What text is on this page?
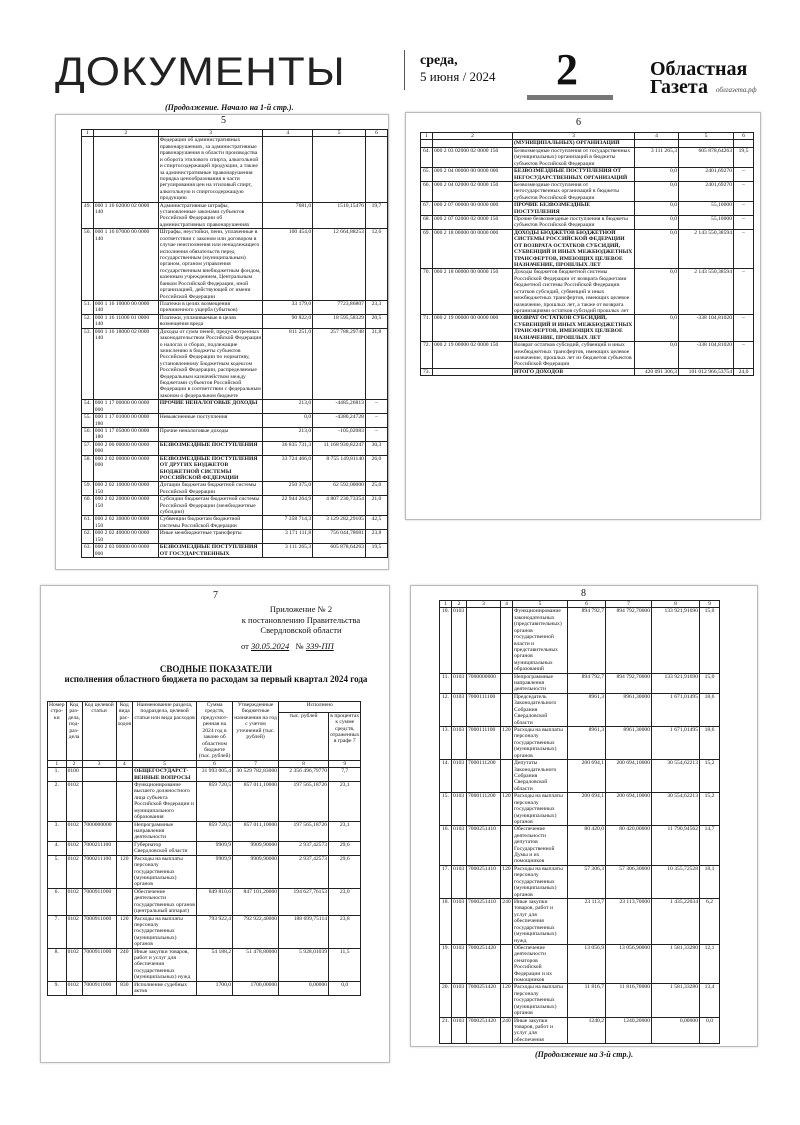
ДОКУМЕНТЫ	среда,
5 июня / 2024 2	Областная
Газета облгазета.рф
(Продолжение. Начало на 1-й стр.).
5
1	2	3	4	5	6
		Федерации об административных правонарушениях, за административные правонарушения в области производства и оборота этилового спирта, алкогольной и спиртосодержащей продукции, а также за административные правонарушения порядка ценообразования в части регулирования цен на этиловый спирт, алкогольную и спиртосодержащую продукцию			
49.	000 1 16 02000 02 0000 140	Административные штрафы, установленные законами субъектов Российской Федерации об административных правонарушениях	7681,0	1510,15476	19,7
50.	000 1 16 07000 00 0000 140	Штрафы, неустойки, пени, уплаченные в соответствии с законом или договором в случае неисполнения или ненадлежащего исполнения обязательств перед государственным (муниципальным) органом, органом управления государственным внебюджетным фондом, казенным учреждением, Центральным банком Российской Федерации, иной организацией, действующей от имени Российской Федерации	100 454,0	12 664,88253	12,6
51.	000 1 16 10000 00 0000 140	Платежи в целях возмещения причиненного ущерба (убытков)	33 179,0	7723,86807	23,3
52.	000 1 16 11000 01 0000 140	Платежи, уплачиваемые в целях возмещения вреда	90 822,0	18 595,58329	20,5
53.	000 1 16 18000 02 0000 140	Доходы от сумм пеней, предусмотренных законодательством Российской Федерации о налогах и сборах, подлежащие зачислению в бюджеты субъектов Российской Федерации по нормативу, установленному Бюджетным кодексом Российской Федерации, распределяемые Федеральным казначейством между бюджетами субъектов Российской Федерации в соответствии с федеральным законом о федеральном бюджете	811 251,0	257 788,29748	31,8
54.	000 1 17 00000 00 0000 000	ПРОЧИЕ НЕНАЛОГОВЫЕ ДОХОДЫ	213,0	-4485,26813	–
55.	000 1 17 01000 00 0000 180	Невыясненные поступления	0,0	-4380,24728	–
56.	000 1 17 05000 00 0000 180	Прочие неналоговые доходы	213,0	-105,02083	–
57.	000 2 00 00000 00 0000 000	БЕЗВОЗМЕЗДНЫЕ ПОСТУПЛЕНИЯ	36 835 731,3	11 168 930,82247	30,3
58.	000 2 02 00000 00 0000 000	БЕЗВОЗМЕЗДНЫЕ ПОСТУПЛЕНИЯ ОТ ДРУГИХ БЮДЖЕТОВ БЮДЖЕТНОЙ СИСТЕМЫ РОССИЙСКОЙ ФЕДЕРАЦИИ	33 724 466,0	8 755 149,81140	26,0
59.	000 2 02 10000 00 0000 150	Дотации бюджетам бюджетной системы Российской Федерации	250 375,0	62 592,00000	25,0
60.	000 2 02 20000 00 0000 150	Субсидии бюджетам бюджетной системы Российской Федерации (межбюджетные субсидии)	22 944 264,9	4 807 230,73354	21,0
61.	000 2 02 30000 00 0000 150	Субвенции бюджетам бюджетной системы Российской Федерации	7 358 714,3	3 129 282,29105	42,5
62.	000 2 02 40000 00 0000 150	Иные межбюджетные трансферты	3 171 111,8	756 044,78681	23,8
63.	000 2 03 00000 00 0000 000	БЕЗВОЗМЕЗДНЫЕ ПОСТУПЛЕНИЯ ОТ ГОСУДАРСТВЕННЫХ	3 111 265,3	605 878,64263	19,5
6
1	2	3	4	5	6
		(МУНИЦИПАЛЬНЫХ) ОРГАНИЗАЦИЙ			
64.	000 2 03 02000 02 0000 150	Безвозмездные поступления от государственных (муниципальных) организаций в бюджеты субъектов Российской Федерации	3 111 265,3	605 878,64263	19,5
65.	000 2 04 00000 00 0000 000	БЕЗВОЗМЕЗДНЫЕ ПОСТУПЛЕНИЯ ОТ НЕГОСУДАРСТВЕННЫХ ОРГАНИЗАЦИЙ	0,0	2401,69270	–
66.	000 2 04 02000 02 0000 150	Безвозмездные поступления от негосударственных организаций в бюджеты субъектов Российской Федерации	0,0	2401,69270	–
67.	000 2 07 00000 00 0000 000	ПРОЧИЕ БЕЗВОЗМЕЗДНЫЕ ПОСТУПЛЕНИЯ	0,0	55,10000	–
68.	000 2 07 02000 02 0000 150	Прочие безвозмездные поступления в бюджеты субъектов Российской Федерации	0,0	55,10000	–
69.	000 2 18 00000 00 0000 000	ДОХОДЫ БЮДЖЕТОВ БЮДЖЕТНОЙ СИСТЕМЫ РОССИЙСКОЙ ФЕДЕРАЦИИ ОТ ВОЗВРАТА ОСТАТКОВ СУБСИДИЙ, СУБВЕНЦИЙ И ИНЫХ МЕЖБЮДЖЕТНЫХ ТРАНСФЕРТОВ, ИМЕЮЩИХ ЦЕЛЕВОЕ НАЗНАЧЕНИЕ, ПРОШЛЫХ ЛЕТ	0,0	2 143 550,38594	–
70.	000 2 18 00000 00 0000 150	Доходы бюджетов бюджетной системы Российской Федерации от возврата бюджетами бюджетной системы Российской Федерации остатков субсидий, субвенций и иных межбюджетных трансфертов, имеющих целевое назначение, прошлых лет, а также от возврата организациями остатков субсидий прошлых лет	0,0	2 143 550,38594	–
71.	000 2 19 00000 00 0000 000	ВОЗВРАТ ОСТАТКОВ СУБСИДИЙ, СУБВЕНЦИЙ И ИНЫХ МЕЖБЮДЖЕТНЫХ ТРАНСФЕРТОВ, ИМЕЮЩИХ ЦЕЛЕВОЕ НАЗНАЧЕНИЕ, ПРОШЛЫХ ЛЕТ	0,0	-338 104,81020	–
72.	000 2 19 00000 02 0000 150	Возврат остатков субсидий, субвенций и иных межбюджетных трансфертов, имеющих целевое назначение, прошлых лет из бюджетов субъектов Российской Федерации	0,0	-338 104,81020	–
73.		ИТОГО ДОХОДОВ	420 091 306,3	101 012 966,53754	24,0
7
Приложение № 2
к постановлению Правительства
Свердловской области
от 30.05.2024 № 339-ПП
СВОДНЫЕ ПОКАЗАТЕЛИ
исполнения областного бюджета по расходам за первый квартал 2024 года
Номер стро-ки	Код раз-дела, под-раз-дела	Код целевой статьи	Код вида рас-ходов	Наименование раздела, подраздела, целевой статьи или вида расходов	Сумма средств, предусмот-ренная на 2024 год в законе об областном бюджете (тыс. рублей)	Утвержденные бюджетные назначения на год с учетом уточнений (тыс. рублей)	Исполнено	
							тыс. рублей	в процентах к сумме средств, отраженных в графе 7
1	2	3	4	5	6	7	8	9
1.	0100			ОБЩЕГОСУДАРСТ-ВЕННЫЕ ВОПРОСЫ	31 993 005,4	30 529 782,83000	2 356 496,79770	7,7
2.	0102			Функционирование высшего должностного лица субъекта Российской Федерации и муниципального образования	859 720,5	857 011,10000	197 565,18726	23,1
3.	0102	7000000000		Непрограммные направления деятельности	859 720,5	857 011,10000	197 565,18726	23,1
4.	0102	7000211100		Губернатор Свердловской области	9909,9	9909,90000	2 937,42573	29,6
5.	0102	7000211100	120	Расходы на выплаты персоналу государственных (муниципальных) органов	9909,9	9909,90000	2 937,42573	29,6
6.	0102	7000911000		Обеспечение деятельности государственных органов (центральный аппарат)	849 810,6	847 101,20000	194 627,76153	23,0
7.	0102	7000911000	120	Расходы на выплаты персоналу государственных (муниципальных) органов	793 922,4	792 922,40000	188 699,75114	23,8
8.	0102	7000911000	240	Иные закупки товаров, работ и услуг для обеспечения государственных (муниципальных) нужд	54 188,2	51 478,80000	5 928,01039	11,5
9.	0102	7000911000	830	Исполнение судебных актов	1700,0	1700,00000	0,00000	0,0
8
1	2	3	4	5	6	7	8	9
10.	0103			Функционирование законодательных (представительных) органов государственной власти и представительных органов муниципальных образований	894 792,7	894 792,70000	133 921,91690	15,0
11.	0103	7000000000		Непрограммные направления деятельности	894 792,7	894 792,70000	133 921,91690	15,0
12.	0103	7000111100		Председатель Законодательного Собрания Свердловской области	8961,3	8961,30000	1 671,01495	18,6
13.	0103	7000111100	120	Расходы на выплаты персоналу государственных (муниципальных) органов	8961,3	8961,30000	1 671,01495	18,6
14.	0103	7000111200		Депутаты Законодательного Собрания Свердловской области	200 694,1	200 694,10000	30 554,62213	15,2
15.	0103	7000111200	120	Расходы на выплаты персоналу государственных (муниципальных) органов	200 694,1	200 694,10000	30 554,62213	15,2
16.	0103	7000251410		Обеспечение деятельности депутатов Государственной Думы и их помощников	80 420,0	80 420,00000	11 790,94562	14,7
17.	0103	7000251410	120	Расходы на выплаты персоналу государственных (муниципальных) органов	57 306,3	57 306,30000	10 355,72528	18,1
18.	0103	7000251410	240	Иные закупки товаров, работ и услуг для обеспечения государственных (муниципальных) нужд	23 113,7	23 113,70000	1 435,22034	6,2
19.	0103	7000251420		Обеспечение деятельности сенаторов Российской Федерации и их помощников	13 056,9	13 056,90000	1 581,33280	12,1
20.	0103	7000251420	120	Расходы на выплаты персоналу государственных (муниципальных) органов	11 816,7	11 816,70000	1 581,33280	13,4
21.	0103	7000251420	240	Иные закупки товаров, работ и услуг для обеспечения	1240,2	1240,20000	0,00000	0,0
(Продолжение на 3-й стр.).
